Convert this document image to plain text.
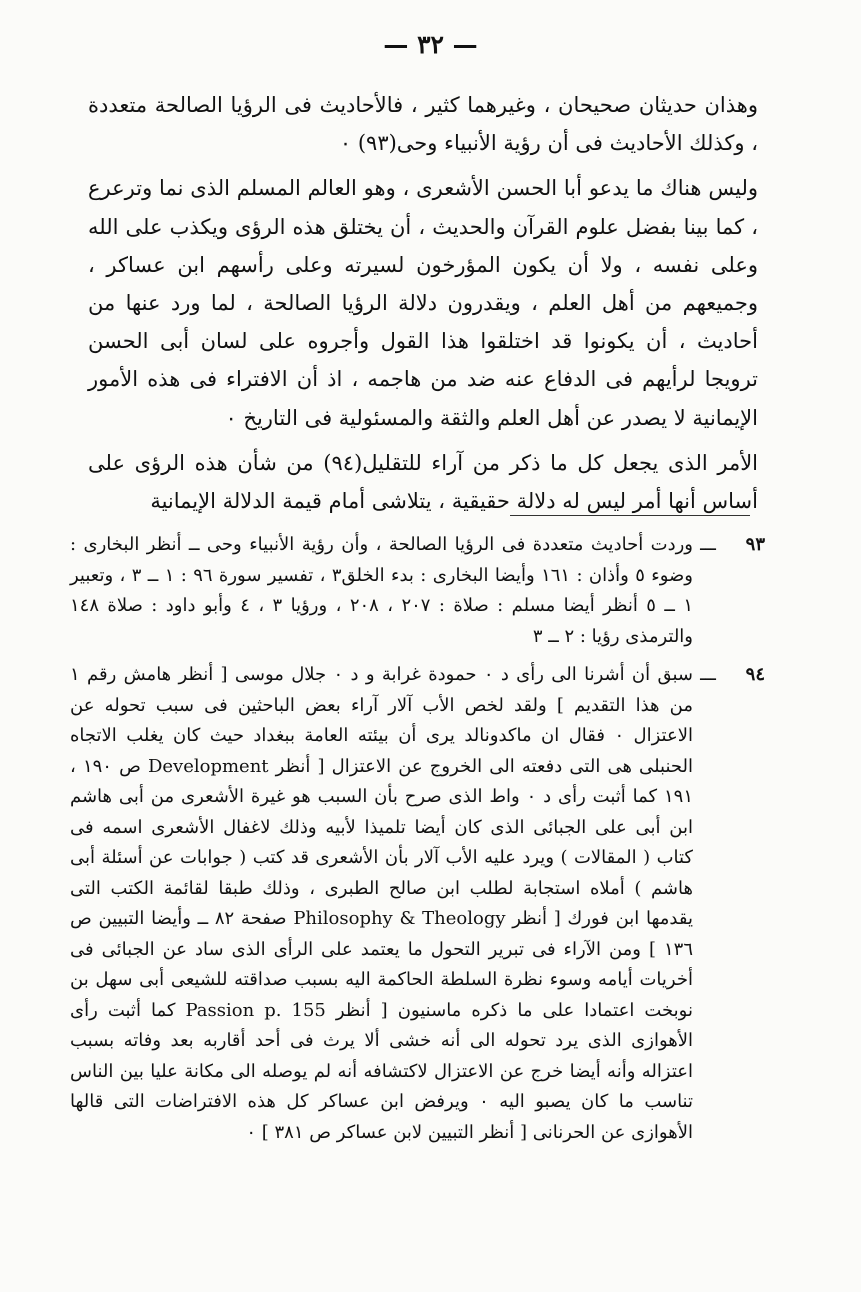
— ٣٢ —

وهذان حديثان صحيحان ، وغيرهما كثير ، فالأحاديث فى الرؤيا الصالحة متعددة ، وكذلك الأحاديث فى أن رؤية الأنبياء وحى(٩٣) ٠

وليس هناك ما يدعو أبا الحسن الأشعرى ، وهو العالم المسلم الذى نما وترعرع ، كما بينا بفضل علوم القرآن والحديث ، أن يختلق هذه الرؤى ويكذب على الله وعلى نفسه ، ولا أن يكون المؤرخون لسيرته وعلى رأسهم ابن عساكر ، وجميعهم من أهل العلم ، ويقدرون دلالة الرؤيا الصالحة ، لما ورد عنها من أحاديث ، أن يكونوا قد اختلقوا هذا القول وأجروه على لسان أبى الحسن ترويجا لرأيهم فى الدفاع عنه ضد من هاجمه ، اذ أن الافتراء فى هذه الأمور الإيمانية لا يصدر عن أهل العلم والثقة والمسئولية فى التاريخ ٠

الأمر الذى يجعل كل ما ذكر من آراء للتقليل(٩٤) من شأن هذه الرؤى على أساس أنها أمر ليس له دلالة حقيقية ، يتلاشى أمام قيمة الدلالة الإيمانية

٩٣
ـــ
وردت أحاديث متعددة فى الرؤيا الصالحة ، وأن رؤية الأنبياء وحى ــ أنظر البخارى : وضوء ٥ وأذان : ١٦١ وأيضا البخارى : بدء الخلق٣ ، تفسير سورة ٩٦ : ١ ــ ٣ ، وتعبير ١ ــ ٥ أنظر أيضا مسلم : صلاة : ٢٠٧ ، ٢٠٨ ، ورؤيا ٣ ، ٤ وأبو داود : صلاة ١٤٨ والترمذى رؤيا : ٢ ــ ٣
٩٤
ـــ
سبق أن أشرنا الى رأى د ٠ حمودة غرابة و د ٠ جلال موسى [ أنظر هامش رقم ١ من هذا التقديم ] ولقد لخص الأب آلار آراء بعض الباحثين فى سبب تحوله عن الاعتزال ٠ فقال ان ماكدونالد يرى أن بيئته العامة ببغداد حيث كان يغلب الاتجاه الحنبلى هى التى دفعته الى الخروج عن الاعتزال [ أنظر Development ص ١٩٠ ، ١٩١ كما أثبت رأى د ٠ واط الذى صرح بأن السبب هو غيرة الأشعرى من أبى هاشم ابن أبى على الجبائى الذى كان أيضا تلميذا لأبيه وذلك لاغفال الأشعرى اسمه فى كتاب ( المقالات ) ويرد عليه الأب آلار بأن الأشعرى قد كتب ( جوابات عن أسئلة أبى هاشم ) أملاه استجابة لطلب ابن صالح الطبرى ، وذلك طبقا لقائمة الكتب التى يقدمها ابن فورك [ أنظر Philosophy & Theology صفحة ٨٢ ــ وأيضا التبيين ص ١٣٦ ] ومن الآراء فى تبرير التحول ما يعتمد على الرأى الذى ساد عن الجبائى فى أخريات أيامه وسوء نظرة السلطة الحاكمة اليه بسبب صداقته للشيعى أبى سهل بن نوبخت اعتمادا على ما ذكره ماسنيون [ أنظر Passion p. 155 كما أثبت رأى الأهوازى الذى يرد تحوله الى أنه خشى ألا يرث فى أحد أقاربه بعد وفاته بسبب اعتزاله وأنه أيضا خرج عن الاعتزال لاكتشافه أنه لم يوصله الى مكانة عليا بين الناس تناسب ما كان يصبو اليه ٠ ويرفض ابن عساكر كل هذه الافتراضات التى قالها الأهوازى عن الحرنانى [ أنظر التبيين لابن عساكر ص ٣٨١ ] ٠
